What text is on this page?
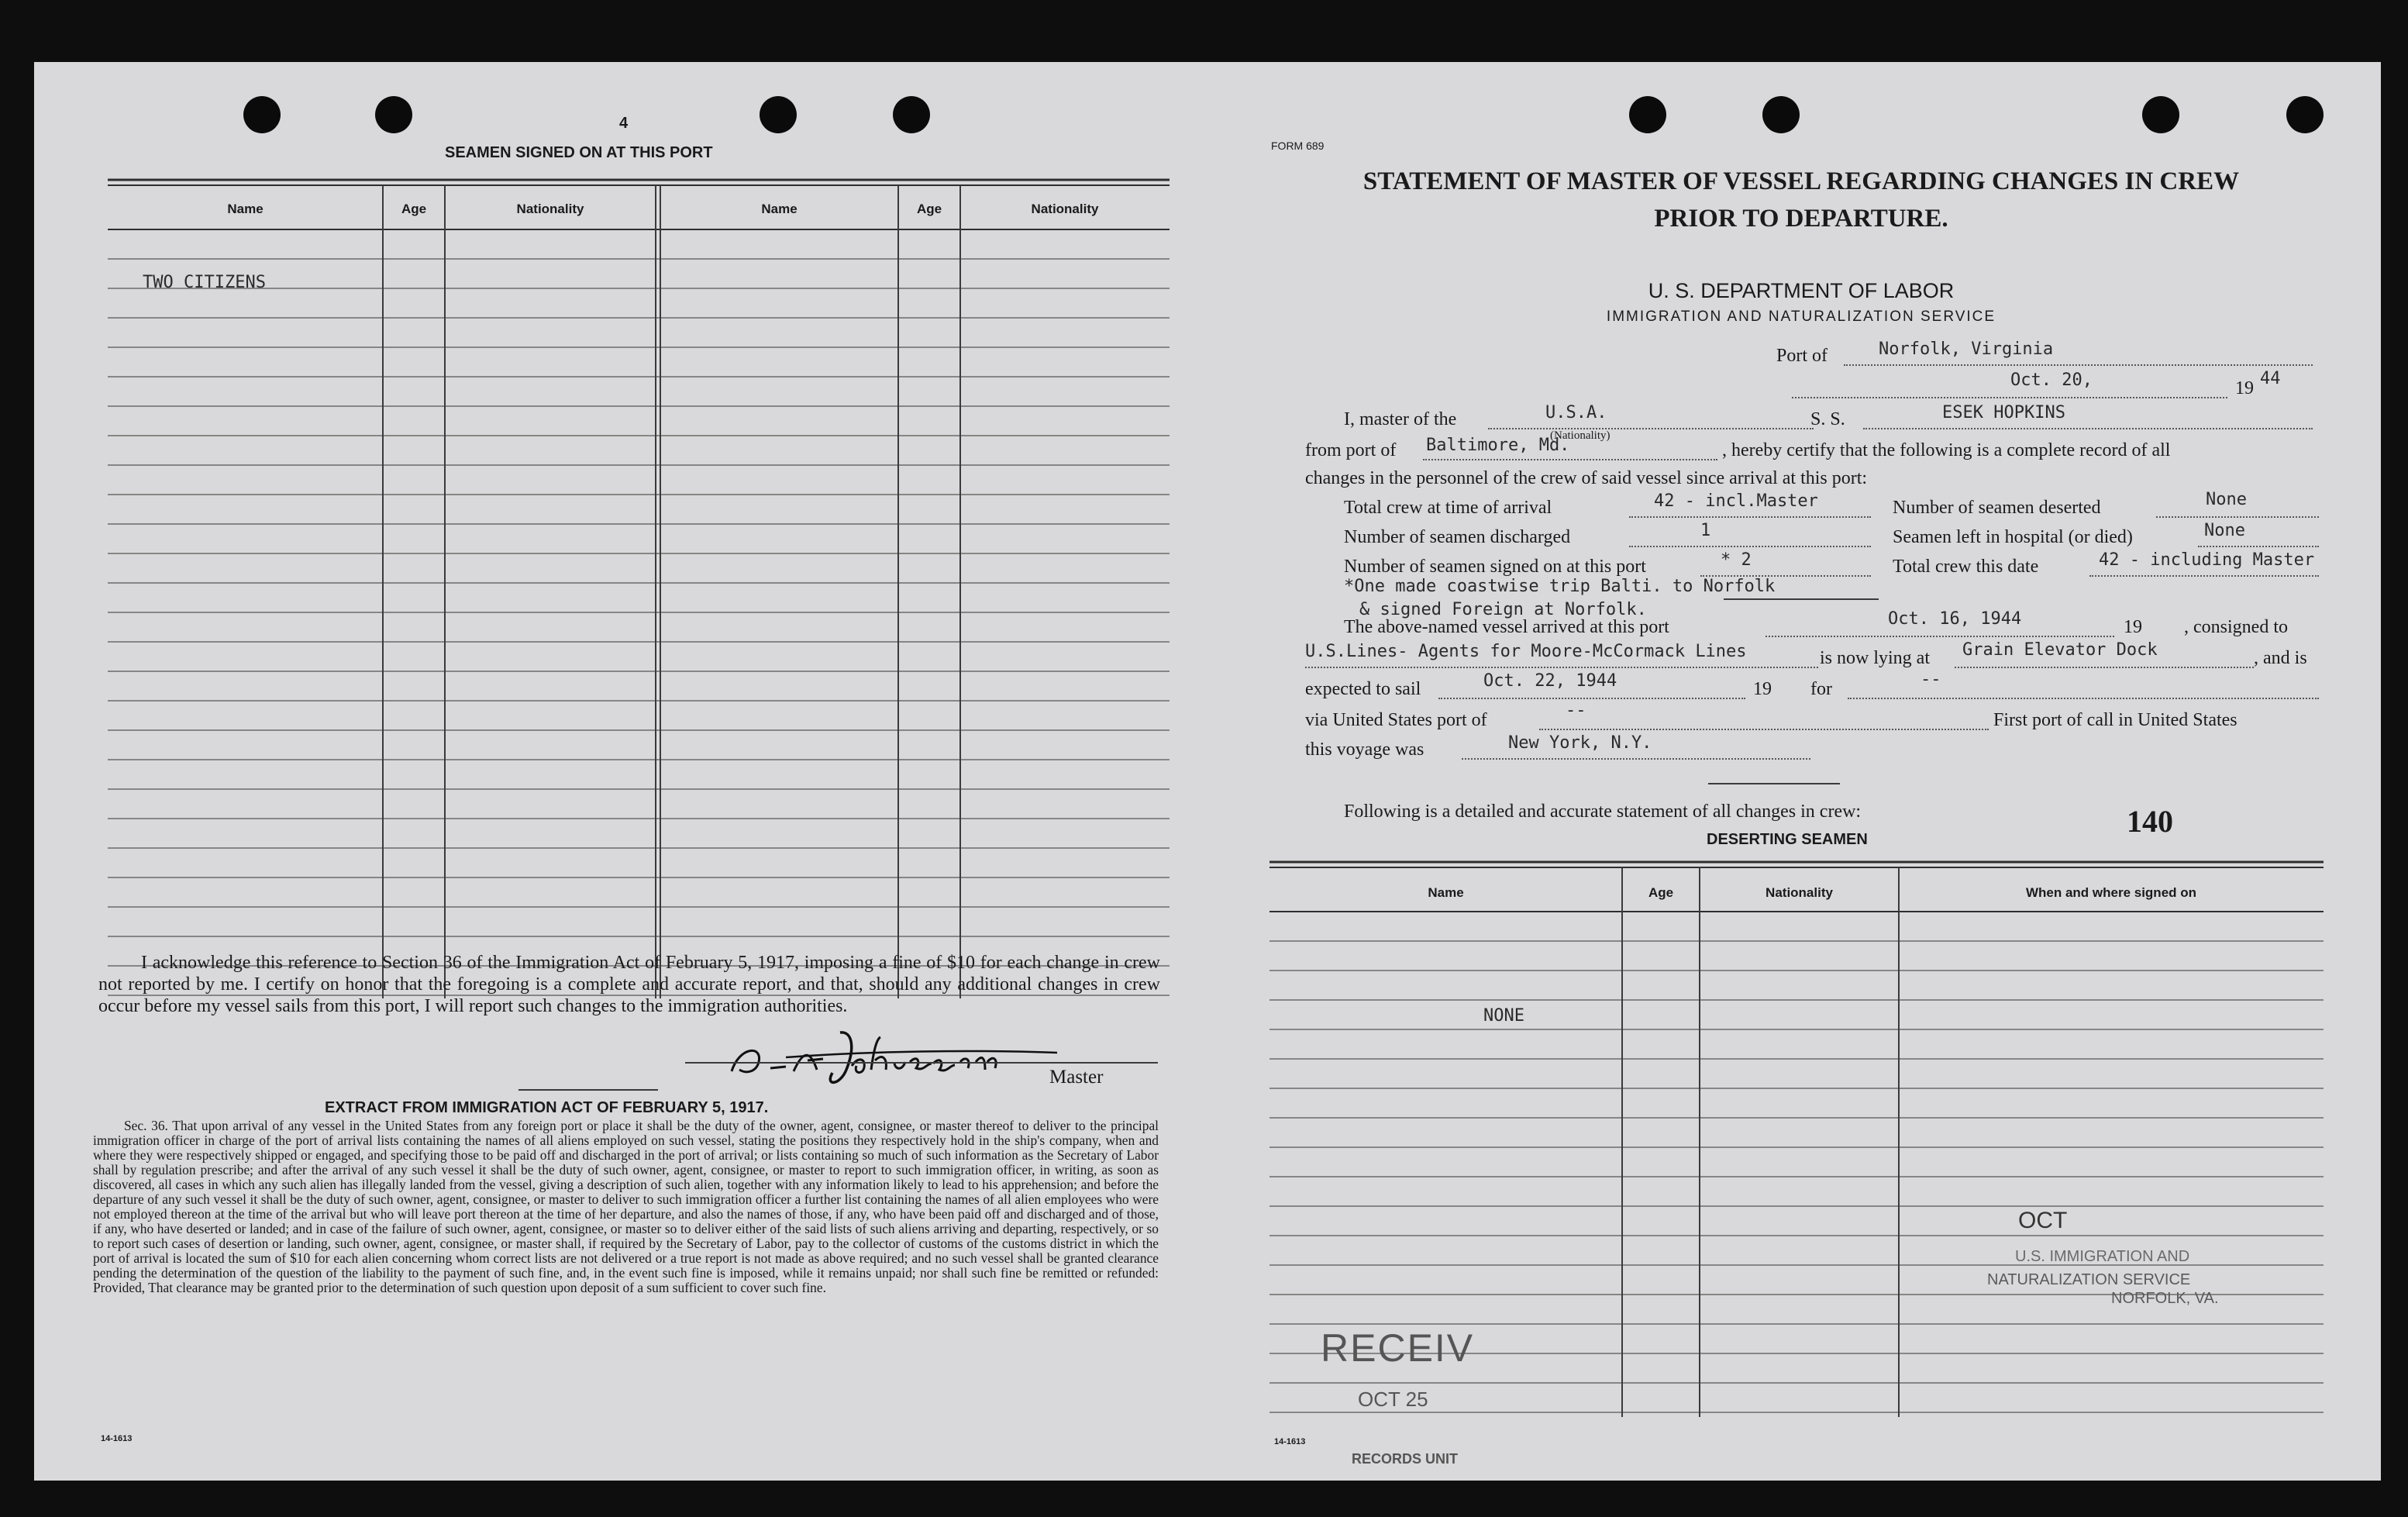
4
SEAMEN SIGNED ON AT THIS PORT
Name	Age	Nationality	Name	Age	Nationality
TWO CITIZENS
I acknowledge this reference to Section 36 of the Immigration Act of February 5, 1917, imposing a fine of $10 for each change in crew not reported by me. I certify on honor that the foregoing is a complete and accurate report, and that, should any additional changes in crew occur before my vessel sails from this port, I will report such changes to the immigration authorities.
Master
EXTRACT FROM IMMIGRATION ACT OF FEBRUARY 5, 1917.
Sec. 36. That upon arrival of any vessel in the United States from any foreign port or place it shall be the duty of the owner, agent, consignee, or master thereof to deliver to the principal immigration officer in charge of the port of arrival lists containing the names of all aliens employed on such vessel, stating the positions they respectively hold in the ship's company, when and where they were respectively shipped or engaged, and specifying those to be paid off and discharged in the port of arrival; or lists containing so much of such information as the Secretary of Labor shall by regulation prescribe; and after the arrival of any such vessel it shall be the duty of such owner, agent, consignee, or master to report to such immigration officer, in writing, as soon as discovered, all cases in which any such alien has illegally landed from the vessel, giving a description of such alien, together with any information likely to lead to his apprehension; and before the departure of any such vessel it shall be the duty of such owner, agent, consignee, or master to deliver to such immigration officer a further list containing the names of all alien employees who were not employed thereon at the time of the arrival but who will leave port thereon at the time of her departure, and also the names of those, if any, who have been paid off and discharged and of those, if any, who have deserted or landed; and in case of the failure of such owner, agent, consignee, or master so to deliver either of the said lists of such aliens arriving and departing, respectively, or so to report such cases of desertion or landing, such owner, agent, consignee, or master shall, if required by the Secretary of Labor, pay to the collector of customs of the customs district in which the port of arrival is located the sum of $10 for each alien concerning whom correct lists are not delivered or a true report is not made as above required; and no such vessel shall be granted clearance pending the determination of the question of the liability to the payment of such fine, and, in the event such fine is imposed, while it remains unpaid; nor shall such fine be remitted or refunded: Provided, That clearance may be granted prior to the determination of such question upon deposit of a sum sufficient to cover such fine.
14-1613
FORM 689
STATEMENT OF MASTER OF VESSEL REGARDING CHANGES IN CREW
PRIOR TO DEPARTURE.
U. S. DEPARTMENT OF LABOR
IMMIGRATION AND NATURALIZATION SERVICE
Port of	Norfolk, Virginia
Oct. 20,	19 44
I, master of the	U.S.A.	S. S.	ESEK HOPKINS
from port of Baltimore, Md.
(Nationality)
, hereby certify that the following is a complete record of all
changes in the personnel of the crew of said vessel since arrival at this port:
Total crew at time of arrival	42 - incl.Master	Number of seamen deserted	None
Number of seamen discharged	1	Seamen left in hospital (or died)	None
Number of seamen signed on at this port	* 2	Total crew this date	42 - including Master
*One made coastwise trip Balti. to Norfolk
& signed Foreign at Norfolk.
The above-named vessel arrived at this port	Oct. 16, 1944	19 , consigned to
U.S.Lines- Agents for Moore-McCormack Lines	is now lying at Grain Elevator Dock	, and is
expected to sail	Oct. 22, 1944	19 for	--
via United States port of	--	First port of call in United States
this voyage was	New York, N.Y.
Following is a detailed and accurate statement of all changes in crew:	140
DESERTING SEAMEN
Name	Age	Nationality	When and where signed on
NONE
RECEIV
OCT 25
RECORDS UNIT
OCT
U.S. IMMIGRATION AND
NATURALIZATION SERVICE
NORFOLK, VA.
14-1613
